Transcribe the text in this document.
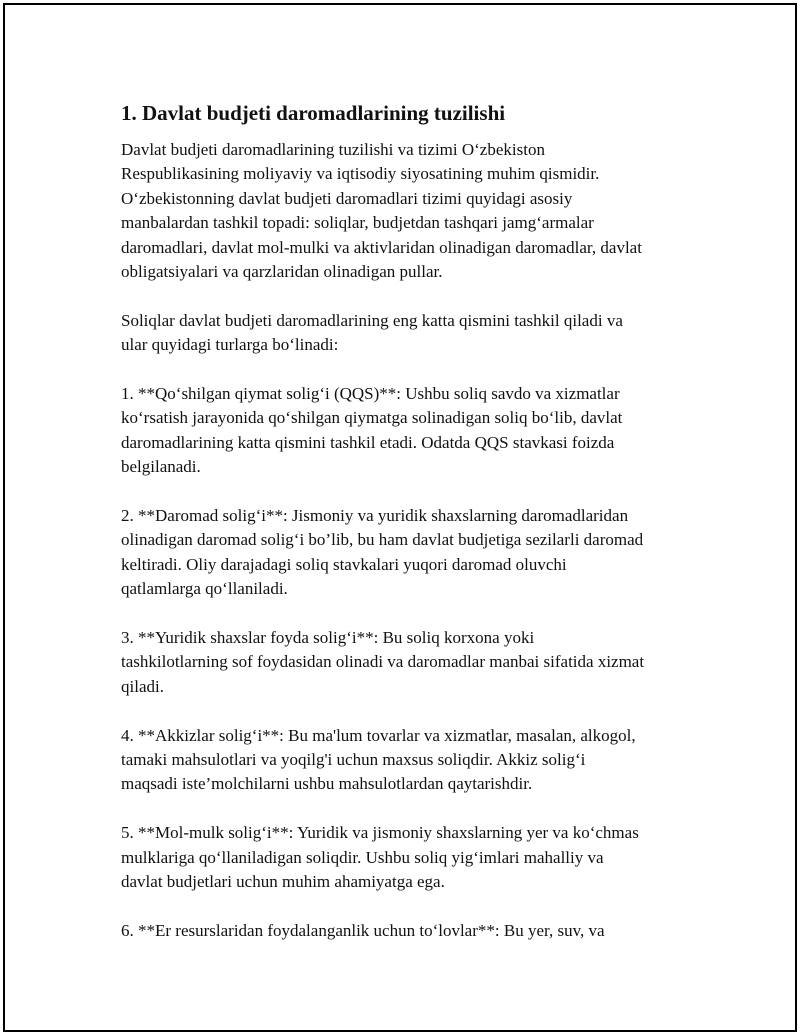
1. Davlat budjeti daromadlarining tuzilishi
Davlat budjeti daromadlarining tuzilishi va tizimi O‘zbekiston
Respublikasining moliyaviy va iqtisodiy siyosatining muhim qismidir.
O‘zbekistonning davlat budjeti daromadlari tizimi quyidagi asosiy
manbalardan tashkil topadi: soliqlar, budjetdan tashqari jamg‘armalar
daromadlari, davlat mol-mulki va aktivlaridan olinadigan daromadlar, davlat
obligatsiyalari va qarzlaridan olinadigan pullar.
Soliqlar davlat budjeti daromadlarining eng katta qismini tashkil qiladi va
ular quyidagi turlarga bo‘linadi:
1. **Qo‘shilgan qiymat solig‘i (QQS)**: Ushbu soliq savdo va xizmatlar
ko‘rsatish jarayonida qo‘shilgan qiymatga solinadigan soliq bo‘lib, davlat
daromadlarining katta qismini tashkil etadi. Odatda QQS stavkasi foizda
belgilanadi.
2. **Daromad solig‘i**: Jismoniy va yuridik shaxslarning daromadlaridan
olinadigan daromad solig‘i bo’lib, bu ham davlat budjetiga sezilarli daromad
keltiradi. Oliy darajadagi soliq stavkalari yuqori daromad oluvchi
qatlamlarga qo‘llaniladi.
3. **Yuridik shaxslar foyda solig‘i**: Bu soliq korxona yoki
tashkilotlarning sof foydasidan olinadi va daromadlar manbai sifatida xizmat
qiladi.
4. **Akkizlar solig‘i**: Bu ma'lum tovarlar va xizmatlar, masalan, alkogol,
tamaki mahsulotlari va yoqilg'i uchun maxsus soliqdir. Akkiz solig‘i
maqsadi iste’molchilarni ushbu mahsulotlardan qaytarishdir.
5. **Mol-mulk solig‘i**: Yuridik va jismoniy shaxslarning yer va ko‘chmas
mulklariga qo‘llaniladigan soliqdir. Ushbu soliq yig‘imlari mahalliy va
davlat budjetlari uchun muhim ahamiyatga ega.
6. **Er resurslaridan foydalanganlik uchun to‘lovlar**: Bu yer, suv, va
